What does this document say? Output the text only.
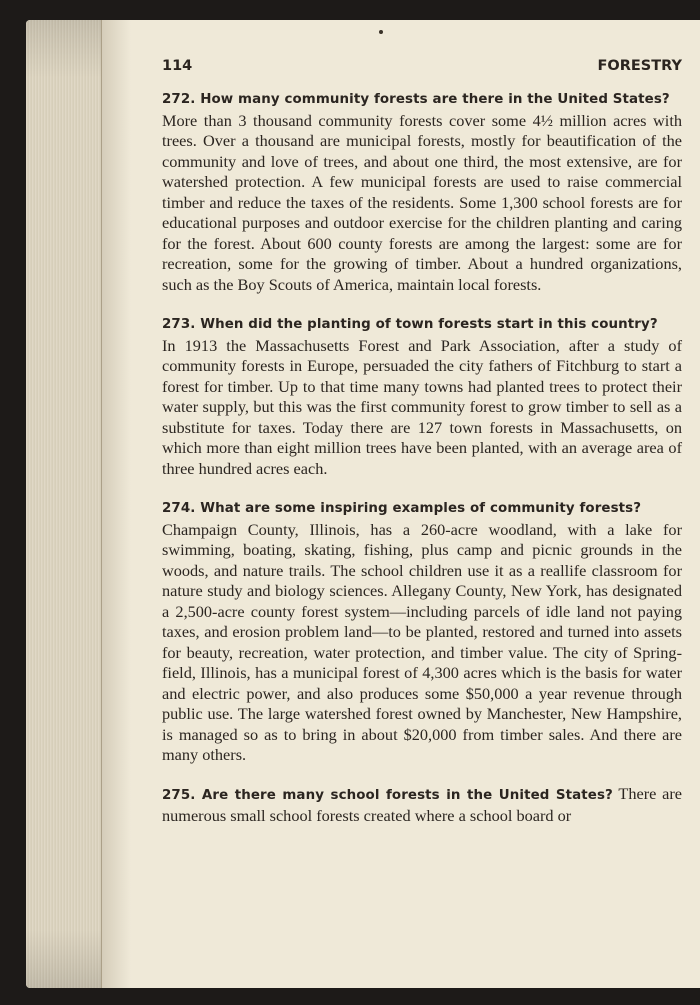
114	FORESTRY

272. How many community forests are there in the United States?
More than 3 thousand community forests cover some 4½ million acres with trees. Over a thousand are municipal forests, mostly for beautification of the community and love of trees, and about one third, the most extensive, are for watershed protection. A few municipal forests are used to raise commercial timber and reduce the taxes of the residents. Some 1,300 school forests are for educational purposes and outdoor exercise for the children planting and caring for the forest. About 600 county forests are among the largest: some are for recreation, some for the growing of timber. About a hundred organizations, such as the Boy Scouts of America, maintain local forests.

273. When did the planting of town forests start in this country?
In 1913 the Massachusetts Forest and Park Association, after a study of community forests in Europe, persuaded the city fathers of Fitchburg to start a forest for timber. Up to that time many towns had planted trees to protect their water supply, but this was the first community forest to grow timber to sell as a substitute for taxes. Today there are 127 town forests in Massachusetts, on which more than eight million trees have been planted, with an average area of three hundred acres each.

274. What are some inspiring examples of community forests?
Champaign County, Illinois, has a 260-acre woodland, with a lake for swimming, boating, skating, fishing, plus camp and picnic grounds in the woods, and nature trails. The school children use it as a reallife classroom for nature study and biology sciences. Allegany County, New York, has designated a 2,500-acre county forest system—including parcels of idle land not paying taxes, and erosion problem land—to be planted, restored and turned into assets for beauty, recreation, water protection, and timber value. The city of Springfield, Illinois, has a municipal forest of 4,300 acres which is the basis for water and electric power, and also produces some $50,000 a year revenue through public use. The large watershed forest owned by Manchester, New Hampshire, is managed so as to bring in about $20,000 from timber sales. And there are many others.

275. Are there many school forests in the United States? There are numerous small school forests created where a school board or
